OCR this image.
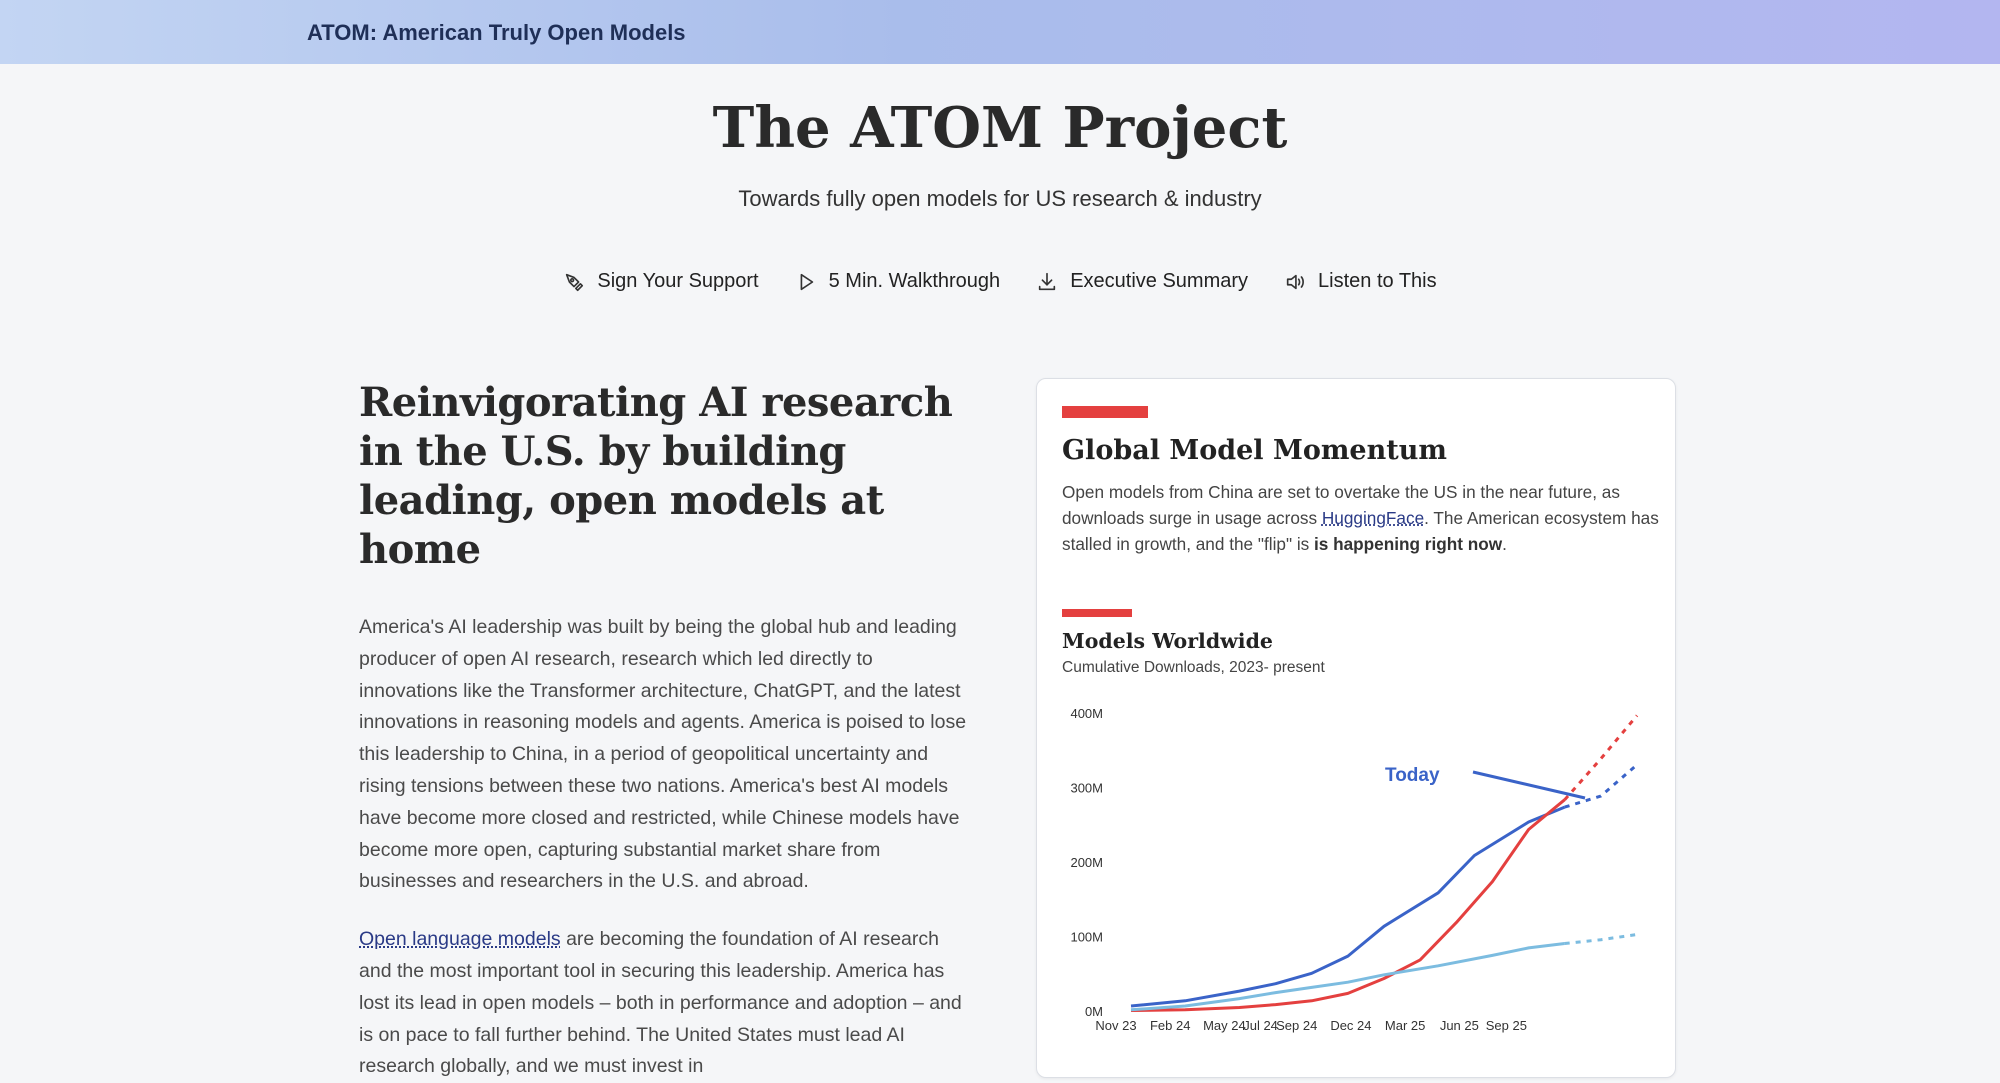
ATOM: American Truly Open Models
The ATOM Project
Towards fully open models for US research & industry
Sign Your Support	5 Min. Walkthrough	Executive Summary	Listen to This
Reinvigorating AI research in the U.S. by building leading, open models at home

America's AI leadership was built by being the global hub and leading producer of open AI research, research which led directly to innovations like the Transformer architecture, ChatGPT, and the latest innovations in reasoning models and agents. America is poised to lose this leadership to China, in a period of geopolitical uncertainty and rising tensions between these two nations. America's best AI models have become more closed and restricted, while Chinese models have become more open, capturing substantial market share from businesses and researchers in the U.S. and abroad.

Open language models are becoming the foundation of AI research and the most important tool in securing this leadership. America has lost its lead in open models – both in performance and adoption – and is on pace to fall further behind. The United States must lead AI research globally, and we must invest in

Global Model Momentum
Open models from China are set to overtake the US in the near future, as downloads surge in usage across HuggingFace. The American ecosystem has stalled in growth, and the "flip" is is happening right now.
Models Worldwide
Cumulative Downloads, 2023- present
400M
300M
200M
100M
0M
Nov 23 Feb 24 May 24
Jul 24
Sep 24 Dec 24 Mar 25 Jun 25 Sep 25
Today
